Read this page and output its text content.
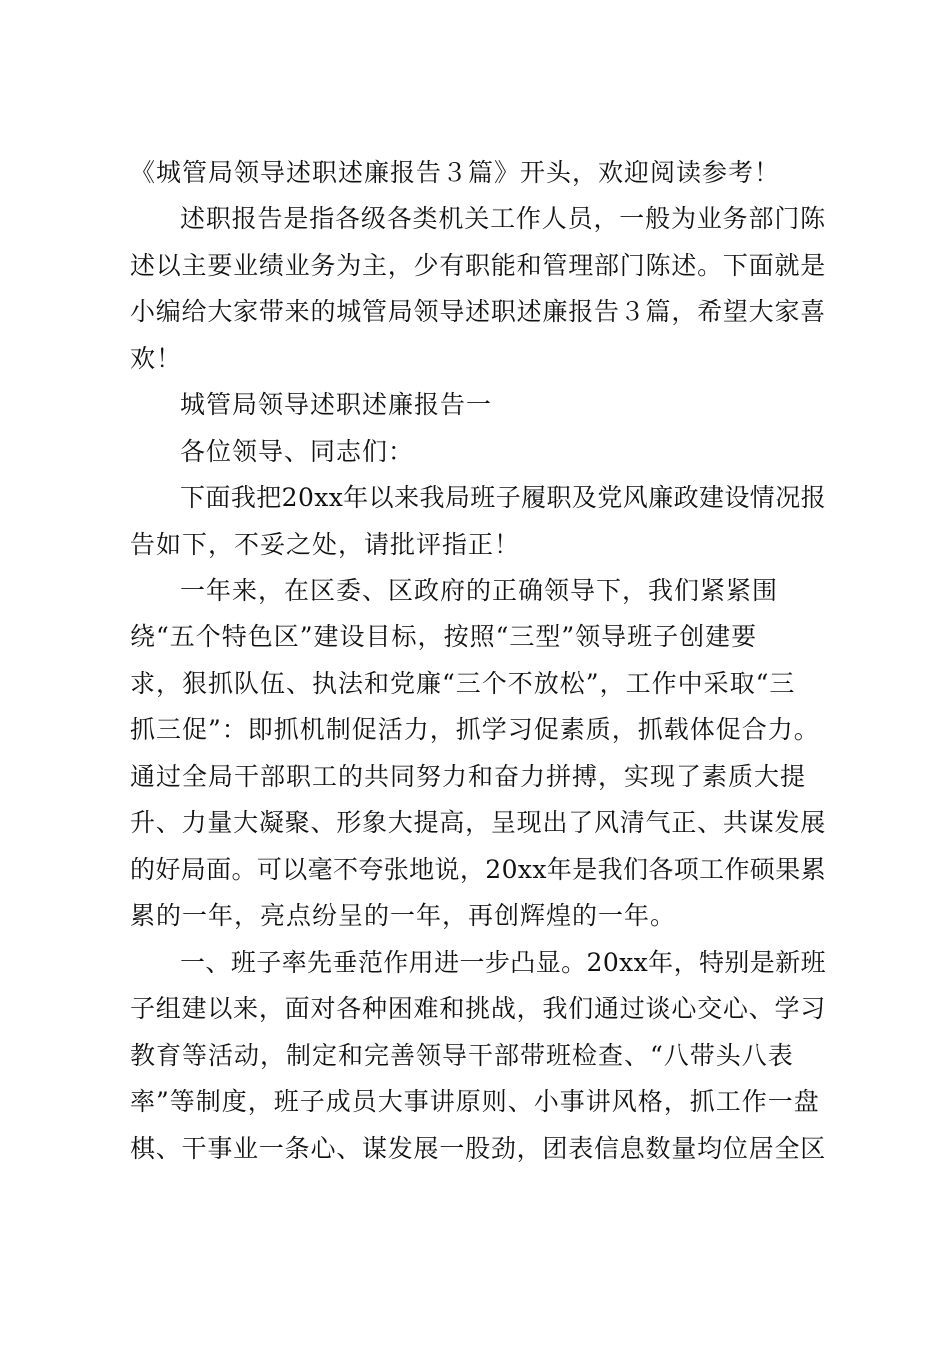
《城管局领导述职述廉报告３篇》开头，欢迎阅读参考！
述职报告是指各级各类机关工作人员，一般为业务部门陈
述以主要业绩业务为主，少有职能和管理部门陈述。下面就是
小编给大家带来的城管局领导述职述廉报告３篇，希望大家喜
欢！
城管局领导述职述廉报告一
各位领导、同志们：
下面我把20xx年以来我局班子履职及党风廉政建设情况报
告如下，不妥之处，请批评指正！
一年来，在区委、区政府的正确领导下，我们紧紧围
绕“五个特色区”建设目标，按照“三型”领导班子创建要
求，狠抓队伍、执法和党廉“三个不放松”，工作中采取“三
抓三促”：即抓机制促活力，抓学习促素质，抓载体促合力。
通过全局干部职工的共同努力和奋力拼搏，实现了素质大提
升、力量大凝聚、形象大提高，呈现出了风清气正、共谋发展
的好局面。可以毫不夸张地说，20xx年是我们各项工作硕果累
累的一年，亮点纷呈的一年，再创辉煌的一年。
一、班子率先垂范作用进一步凸显。20xx年，特别是新班
子组建以来，面对各种困难和挑战，我们通过谈心交心、学习
教育等活动，制定和完善领导干部带班检查、“八带头八表
率”等制度，班子成员大事讲原则、小事讲风格，抓工作一盘
棋、干事业一条心、谋发展一股劲，团表信息数量均位居全区
